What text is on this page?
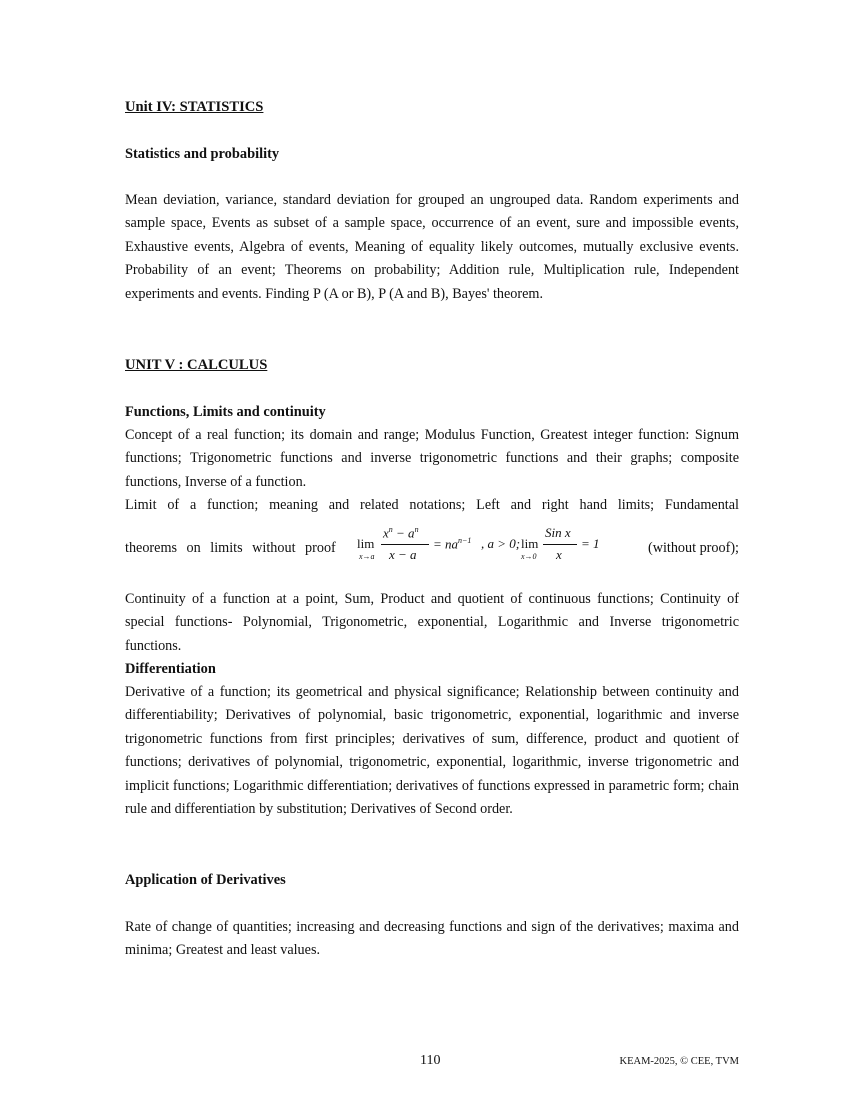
Unit IV: STATISTICS
Statistics and probability
Mean deviation, variance, standard deviation for grouped an ungrouped data. Random experiments and sample space, Events as subset of a sample space, occurrence of an event, sure and impossible events, Exhaustive events, Algebra of events, Meaning of equality likely outcomes, mutually exclusive events. Probability of an event; Theorems on probability; Addition rule, Multiplication rule, Independent experiments and events. Finding P (A or B), P (A and B), Bayes' theorem.
UNIT V : CALCULUS
Functions, Limits and continuity
Concept of a real function; its domain and range; Modulus Function, Greatest integer function: Signum functions; Trigonometric functions and inverse trigonometric functions and their graphs; composite functions, Inverse of a function.
Limit of a function; meaning and related notations; Left and right hand limits; Fundamental
theorems on limits without proof lim
x→a
$x^n - a^n$
x − a
= $na^{n-1}$ , a > 0; lim
x→0
Sin x
x
= 1	(without proof);
Continuity of a function at a point, Sum, Product and quotient of continuous functions; Continuity of special functions- Polynomial, Trigonometric, exponential, Logarithmic and Inverse trigonometric functions.
Differentiation
Derivative of a function; its geometrical and physical significance; Relationship between continuity and differentiability; Derivatives of polynomial, basic trigonometric, exponential, logarithmic and inverse trigonometric functions from first principles; derivatives of sum, difference, product and quotient of functions; derivatives of polynomial, trigonometric, exponential, logarithmic, inverse trigonometric and implicit functions; Logarithmic differentiation; derivatives of functions expressed in parametric form; chain rule and differentiation by substitution; Derivatives of Second order.
Application of Derivatives
Rate of change of quantities; increasing and decreasing functions and sign of the derivatives; maxima and minima; Greatest and least values.
110	KEAM-2025, © CEE, TVM
